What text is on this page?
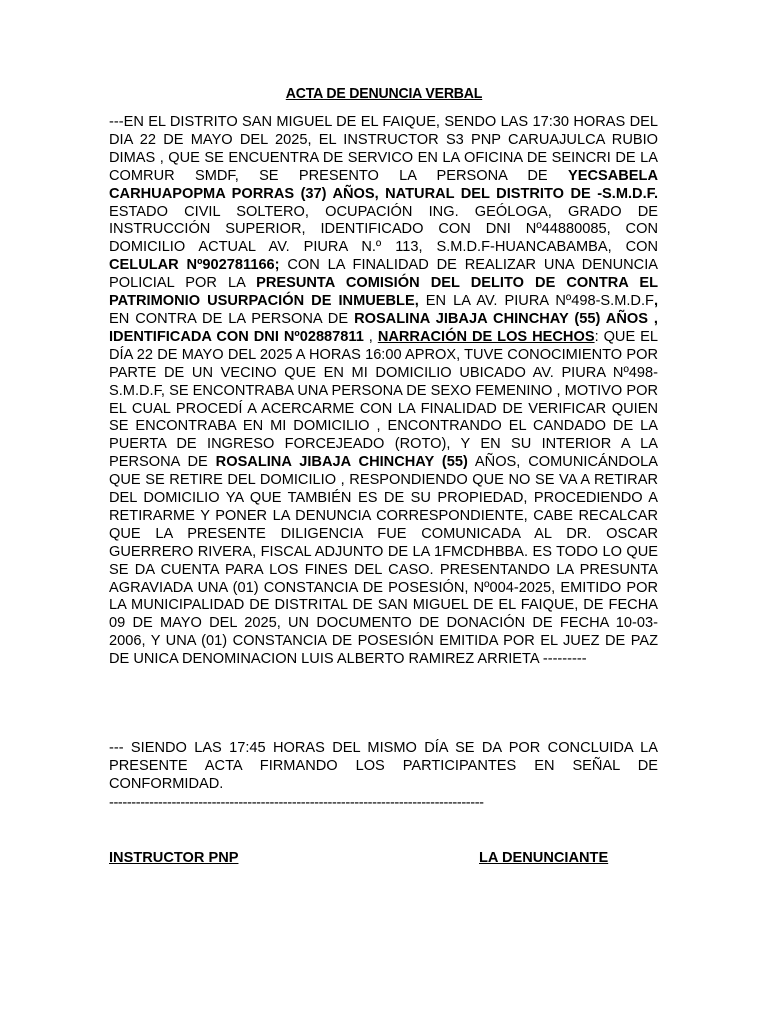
ACTA DE DENUNCIA VERBAL
---EN EL DISTRITO SAN MIGUEL DE EL FAIQUE, SENDO LAS 17:30 HORAS DEL DIA 22 DE MAYO DEL 2025, EL INSTRUCTOR S3 PNP CARUAJULCA RUBIO DIMAS , QUE SE ENCUENTRA DE SERVICO EN LA OFICINA DE SEINCRI DE LA COMRUR SMDF, SE PRESENTO LA PERSONA DE YECSABELA CARHUAPOPMA PORRAS (37) AÑOS, NATURAL DEL DISTRITO DE -S.M.D.F. ESTADO CIVIL SOLTERO, OCUPACIÓN ING. GEÓLOGA, GRADO DE INSTRUCCIÓN SUPERIOR, IDENTIFICADO CON DNI Nº44880085, CON DOMICILIO ACTUAL AV. PIURA N.º 113, S.M.D.F-HUANCABAMBA, CON CELULAR Nº902781166; CON LA FINALIDAD DE REALIZAR UNA DENUNCIA POLICIAL POR LA PRESUNTA COMISIÓN DEL DELITO DE CONTRA EL PATRIMONIO USURPACIÓN DE INMUEBLE, EN LA AV. PIURA Nº498-S.M.D.F, EN CONTRA DE LA PERSONA DE ROSALINA JIBAJA CHINCHAY (55) AÑOS , IDENTIFICADA CON DNI Nº02887811 , NARRACIÓN DE LOS HECHOS: QUE EL DÍA 22 DE MAYO DEL 2025 A HORAS 16:00 APROX, TUVE CONOCIMIENTO POR PARTE DE UN VECINO QUE EN MI DOMICILIO UBICADO AV. PIURA Nº498-S.M.D.F, SE ENCONTRABA UNA PERSONA DE SEXO FEMENINO , MOTIVO POR EL CUAL PROCEDÍ A ACERCARME CON LA FINALIDAD DE VERIFICAR QUIEN SE ENCONTRABA EN MI DOMICILIO , ENCONTRANDO EL CANDADO DE LA PUERTA DE INGRESO FORCEJEADO (ROTO), Y EN SU INTERIOR A LA PERSONA DE ROSALINA JIBAJA CHINCHAY (55) AÑOS, COMUNICÁNDOLA QUE SE RETIRE DEL DOMICILIO , RESPONDIENDO QUE NO SE VA A RETIRAR DEL DOMICILIO YA QUE TAMBIÉN ES DE SU PROPIEDAD, PROCEDIENDO A RETIRARME Y PONER LA DENUNCIA CORRESPONDIENTE, CABE RECALCAR QUE LA PRESENTE DILIGENCIA FUE COMUNICADA AL DR. OSCAR GUERRERO RIVERA, FISCAL ADJUNTO DE LA 1FMCDHBBA. ES TODO LO QUE SE DA CUENTA PARA LOS FINES DEL CASO. PRESENTANDO LA PRESUNTA AGRAVIADA UNA (01) CONSTANCIA DE POSESIÓN, Nº004-2025, EMITIDO POR LA MUNICIPALIDAD DE DISTRITAL DE SAN MIGUEL DE EL FAIQUE, DE FECHA 09 DE MAYO DEL 2025, UN DOCUMENTO DE DONACIÓN DE FECHA 10-03-2006, Y UNA (01) CONSTANCIA DE POSESIÓN EMITIDA POR EL JUEZ DE PAZ DE UNICA DENOMINACION LUIS ALBERTO RAMIREZ ARRIETA ---------
--- SIENDO LAS 17:45 HORAS DEL MISMO DÍA SE DA POR CONCLUIDA LA PRESENTE ACTA FIRMANDO LOS PARTICIPANTES EN SEÑAL DE CONFORMIDAD.
------------------------------------------------------------------------------------
INSTRUCTOR PNP	LA DENUNCIANTE
